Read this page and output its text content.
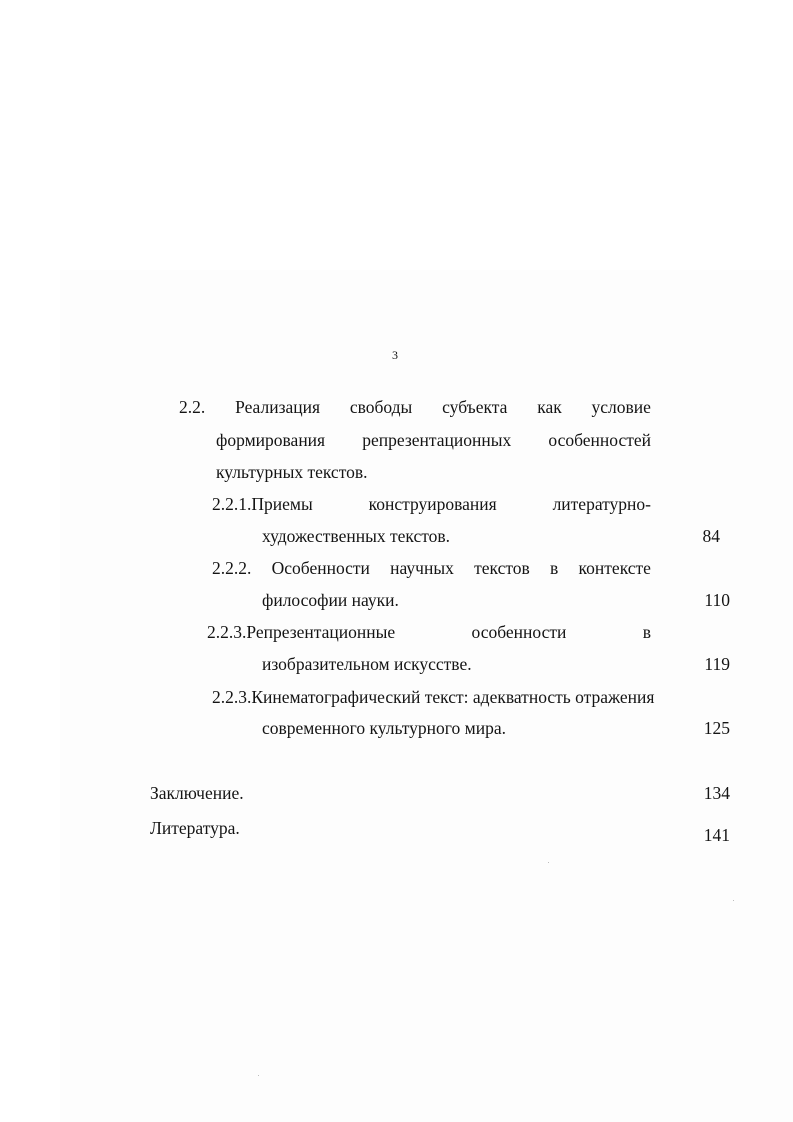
3
2.2. Реализация свободы субъекта как условие
формирования репрезентационных особенностей
культурных текстов.
2.2.1.Приемы	конструирования	литературно-
художественных текстов.	84
2.2.2. Особенности научных текстов в контексте
философии науки.	110
2.2.3.Репрезентационные	особенности	в
изобразительном искусстве.	119
2.2.3.Кинематографический текст: адекватность отражения
современного культурного мира.	125
Заключение.	134
Литература.	141
